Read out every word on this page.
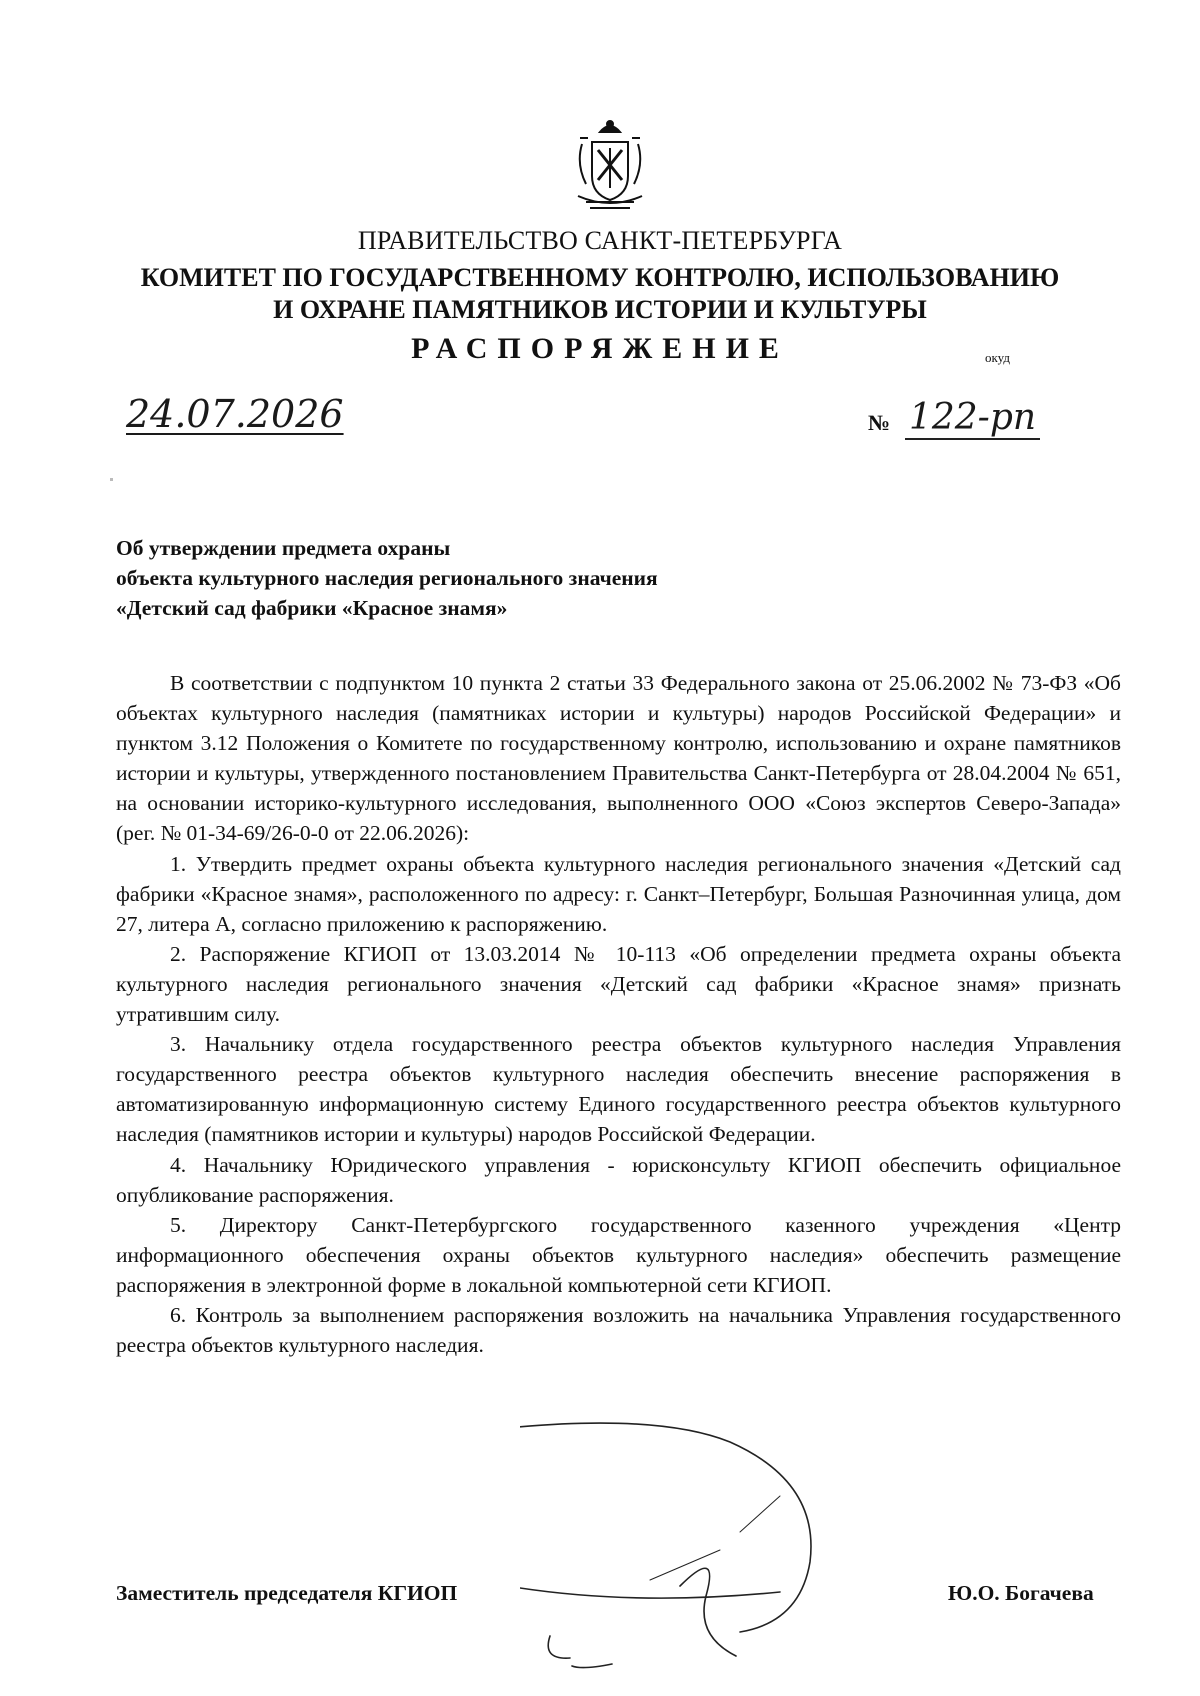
ПРАВИТЕЛЬСТВО САНКТ-ПЕТЕРБУРГА
КОМИТЕТ ПО ГОСУДАРСТВЕННОМУ КОНТРОЛЮ, ИСПОЛЬЗОВАНИЮ
И ОХРАНЕ ПАМЯТНИКОВ ИСТОРИИ И КУЛЬТУРЫ
РАСПОРЯЖЕНИЕ	окуд
24.07.2026	№ 122-рп
Об утверждении предмета охраны
объекта культурного наследия регионального значения
«Детский сад фабрики «Красное знамя»

В соответствии с подпунктом 10 пункта 2 статьи 33 Федерального закона от 25.06.2002 № 73-ФЗ «Об объектах культурного наследия (памятниках истории и культуры) народов Российской Федерации» и пунктом 3.12 Положения о Комитете по государственному контролю, использованию и охране памятников истории и культуры, утвержденного постановлением Правительства Санкт-Петербурга от 28.04.2004 № 651, на основании историко-культурного исследования, выполненного ООО «Союз экспертов Северо-Запада» (рег. № 01-34-69/26-0-0 от 22.06.2026):

1. Утвердить предмет охраны объекта культурного наследия регионального значения «Детский сад фабрики «Красное знамя», расположенного по адресу: г. Санкт–Петербург, Большая Разночинная улица, дом 27, литера А, согласно приложению к распоряжению.

2. Распоряжение КГИОП от 13.03.2014 № 10-113 «Об определении предмета охраны объекта культурного наследия регионального значения «Детский сад фабрики «Красное знамя» признать утратившим силу.

3. Начальнику отдела государственного реестра объектов культурного наследия Управления государственного реестра объектов культурного наследия обеспечить внесение распоряжения в автоматизированную информационную систему Единого государственного реестра объектов культурного наследия (памятников истории и культуры) народов Российской Федерации.

4. Начальнику Юридического управления - юрисконсульту КГИОП обеспечить официальное опубликование распоряжения.

5. Директору Санкт-Петербургского государственного казенного учреждения «Центр информационного обеспечения охраны объектов культурного наследия» обеспечить размещение распоряжения в электронной форме в локальной компьютерной сети КГИОП.

6. Контроль за выполнением распоряжения возложить на начальника Управления государственного реестра объектов культурного наследия.

Заместитель председателя КГИОП	Ю.О. Богачева
